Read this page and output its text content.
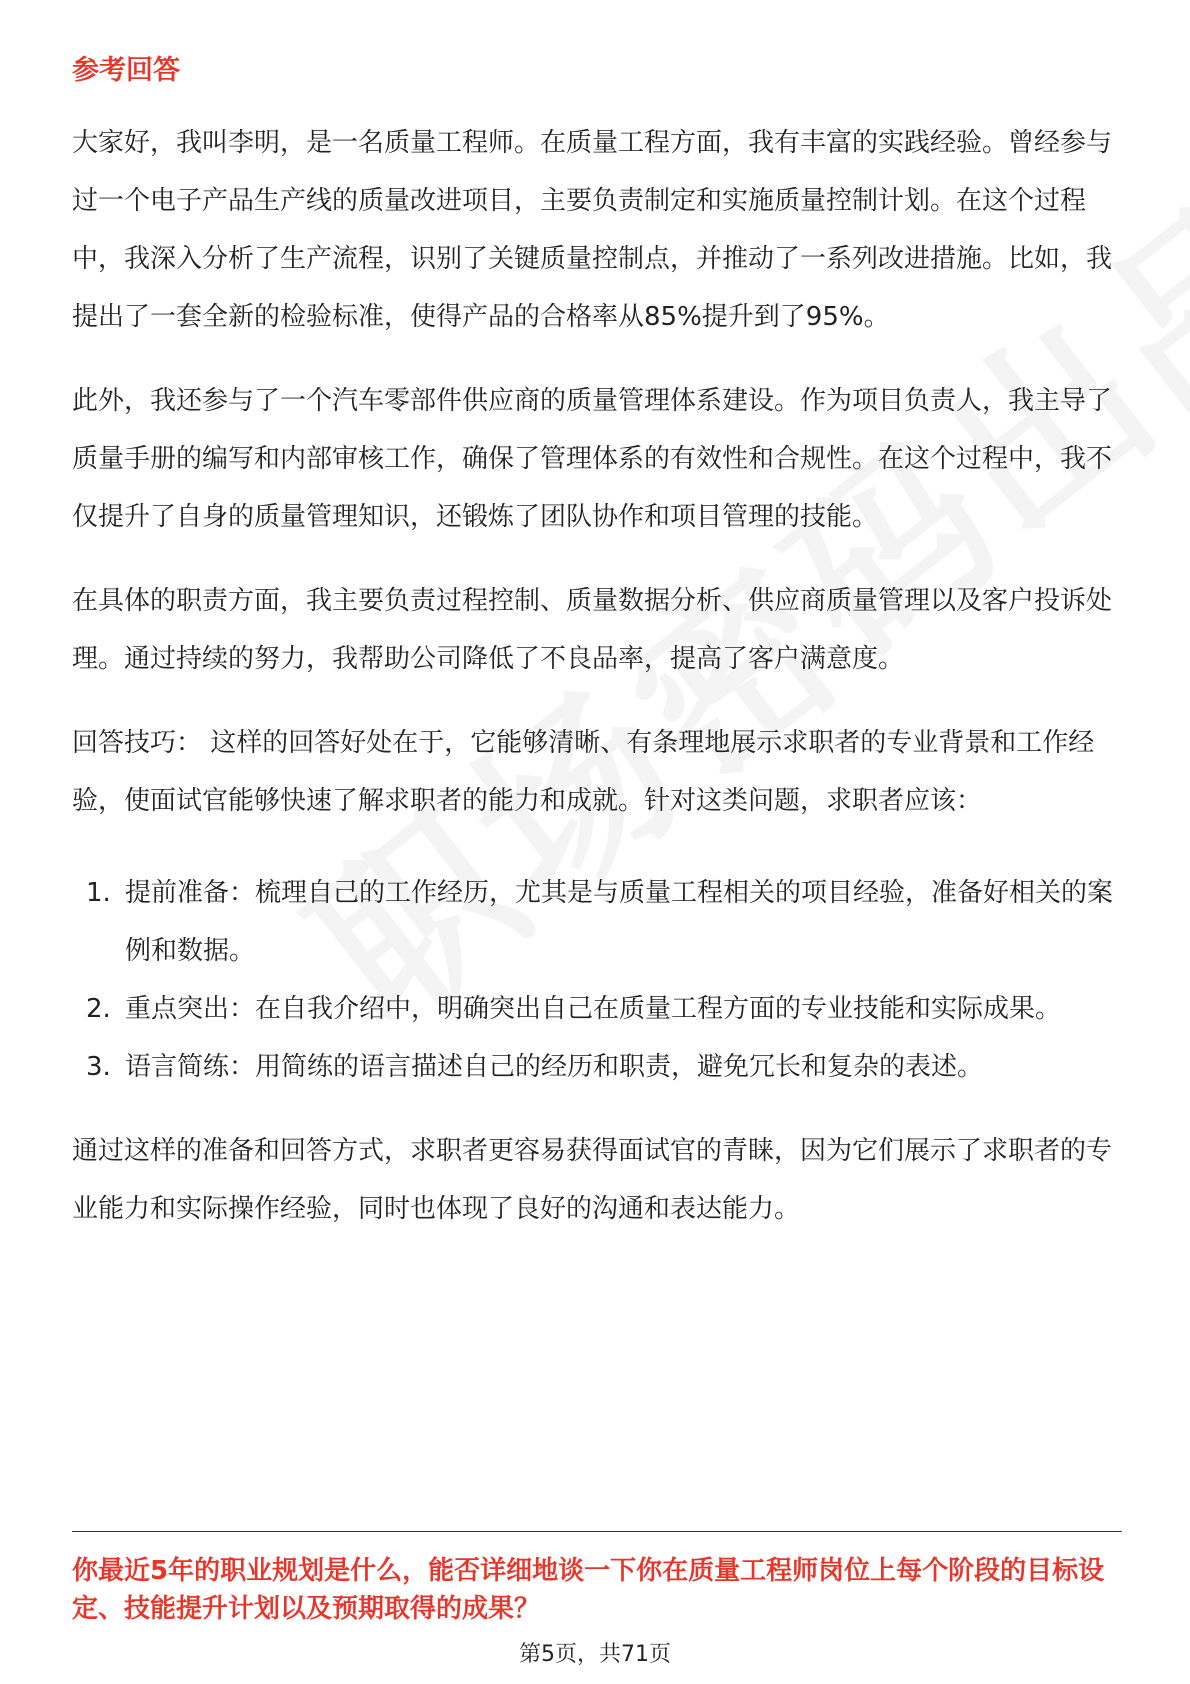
参考回答

大家好，我叫李明，是一名质量工程师。在质量工程方面，我有丰富的实践经验。曾经参与过一个电子产品生产线的质量改进项目，主要负责制定和实施质量控制计划。在这个过程中，我深入分析了生产流程，识别了关键质量控制点，并推动了一系列改进措施。比如，我提出了一套全新的检验标准，使得产品的合格率从85%提升到了95%。

此外，我还参与了一个汽车零部件供应商的质量管理体系建设。作为项目负责人，我主导了质量手册的编写和内部审核工作，确保了管理体系的有效性和合规性。在这个过程中，我不仅提升了自身的质量管理知识，还锻炼了团队协作和项目管理的技能。

在具体的职责方面，我主要负责过程控制、质量数据分析、供应商质量管理以及客户投诉处理。通过持续的努力，我帮助公司降低了不良品率，提高了客户满意度。

回答技巧： 这样的回答好处在于，它能够清晰、有条理地展示求职者的专业背景和工作经验，使面试官能够快速了解求职者的能力和成就。针对这类问题，求职者应该：

1. 提前准备：梳理自己的工作经历，尤其是与质量工程相关的项目经验，准备好相关的案例和数据。
2. 重点突出：在自我介绍中，明确突出自己在质量工程方面的专业技能和实际成果。
3. 语言简练：用简练的语言描述自己的经历和职责，避免冗长和复杂的表述。

通过这样的准备和回答方式，求职者更容易获得面试官的青睐，因为它们展示了求职者的专业能力和实际操作经验，同时也体现了良好的沟通和表达能力。

你最近5年的职业规划是什么，能否详细地谈一下你在质量工程师岗位上每个阶段的目标设定、技能提升计划以及预期取得的成果？
第5页，共71页
